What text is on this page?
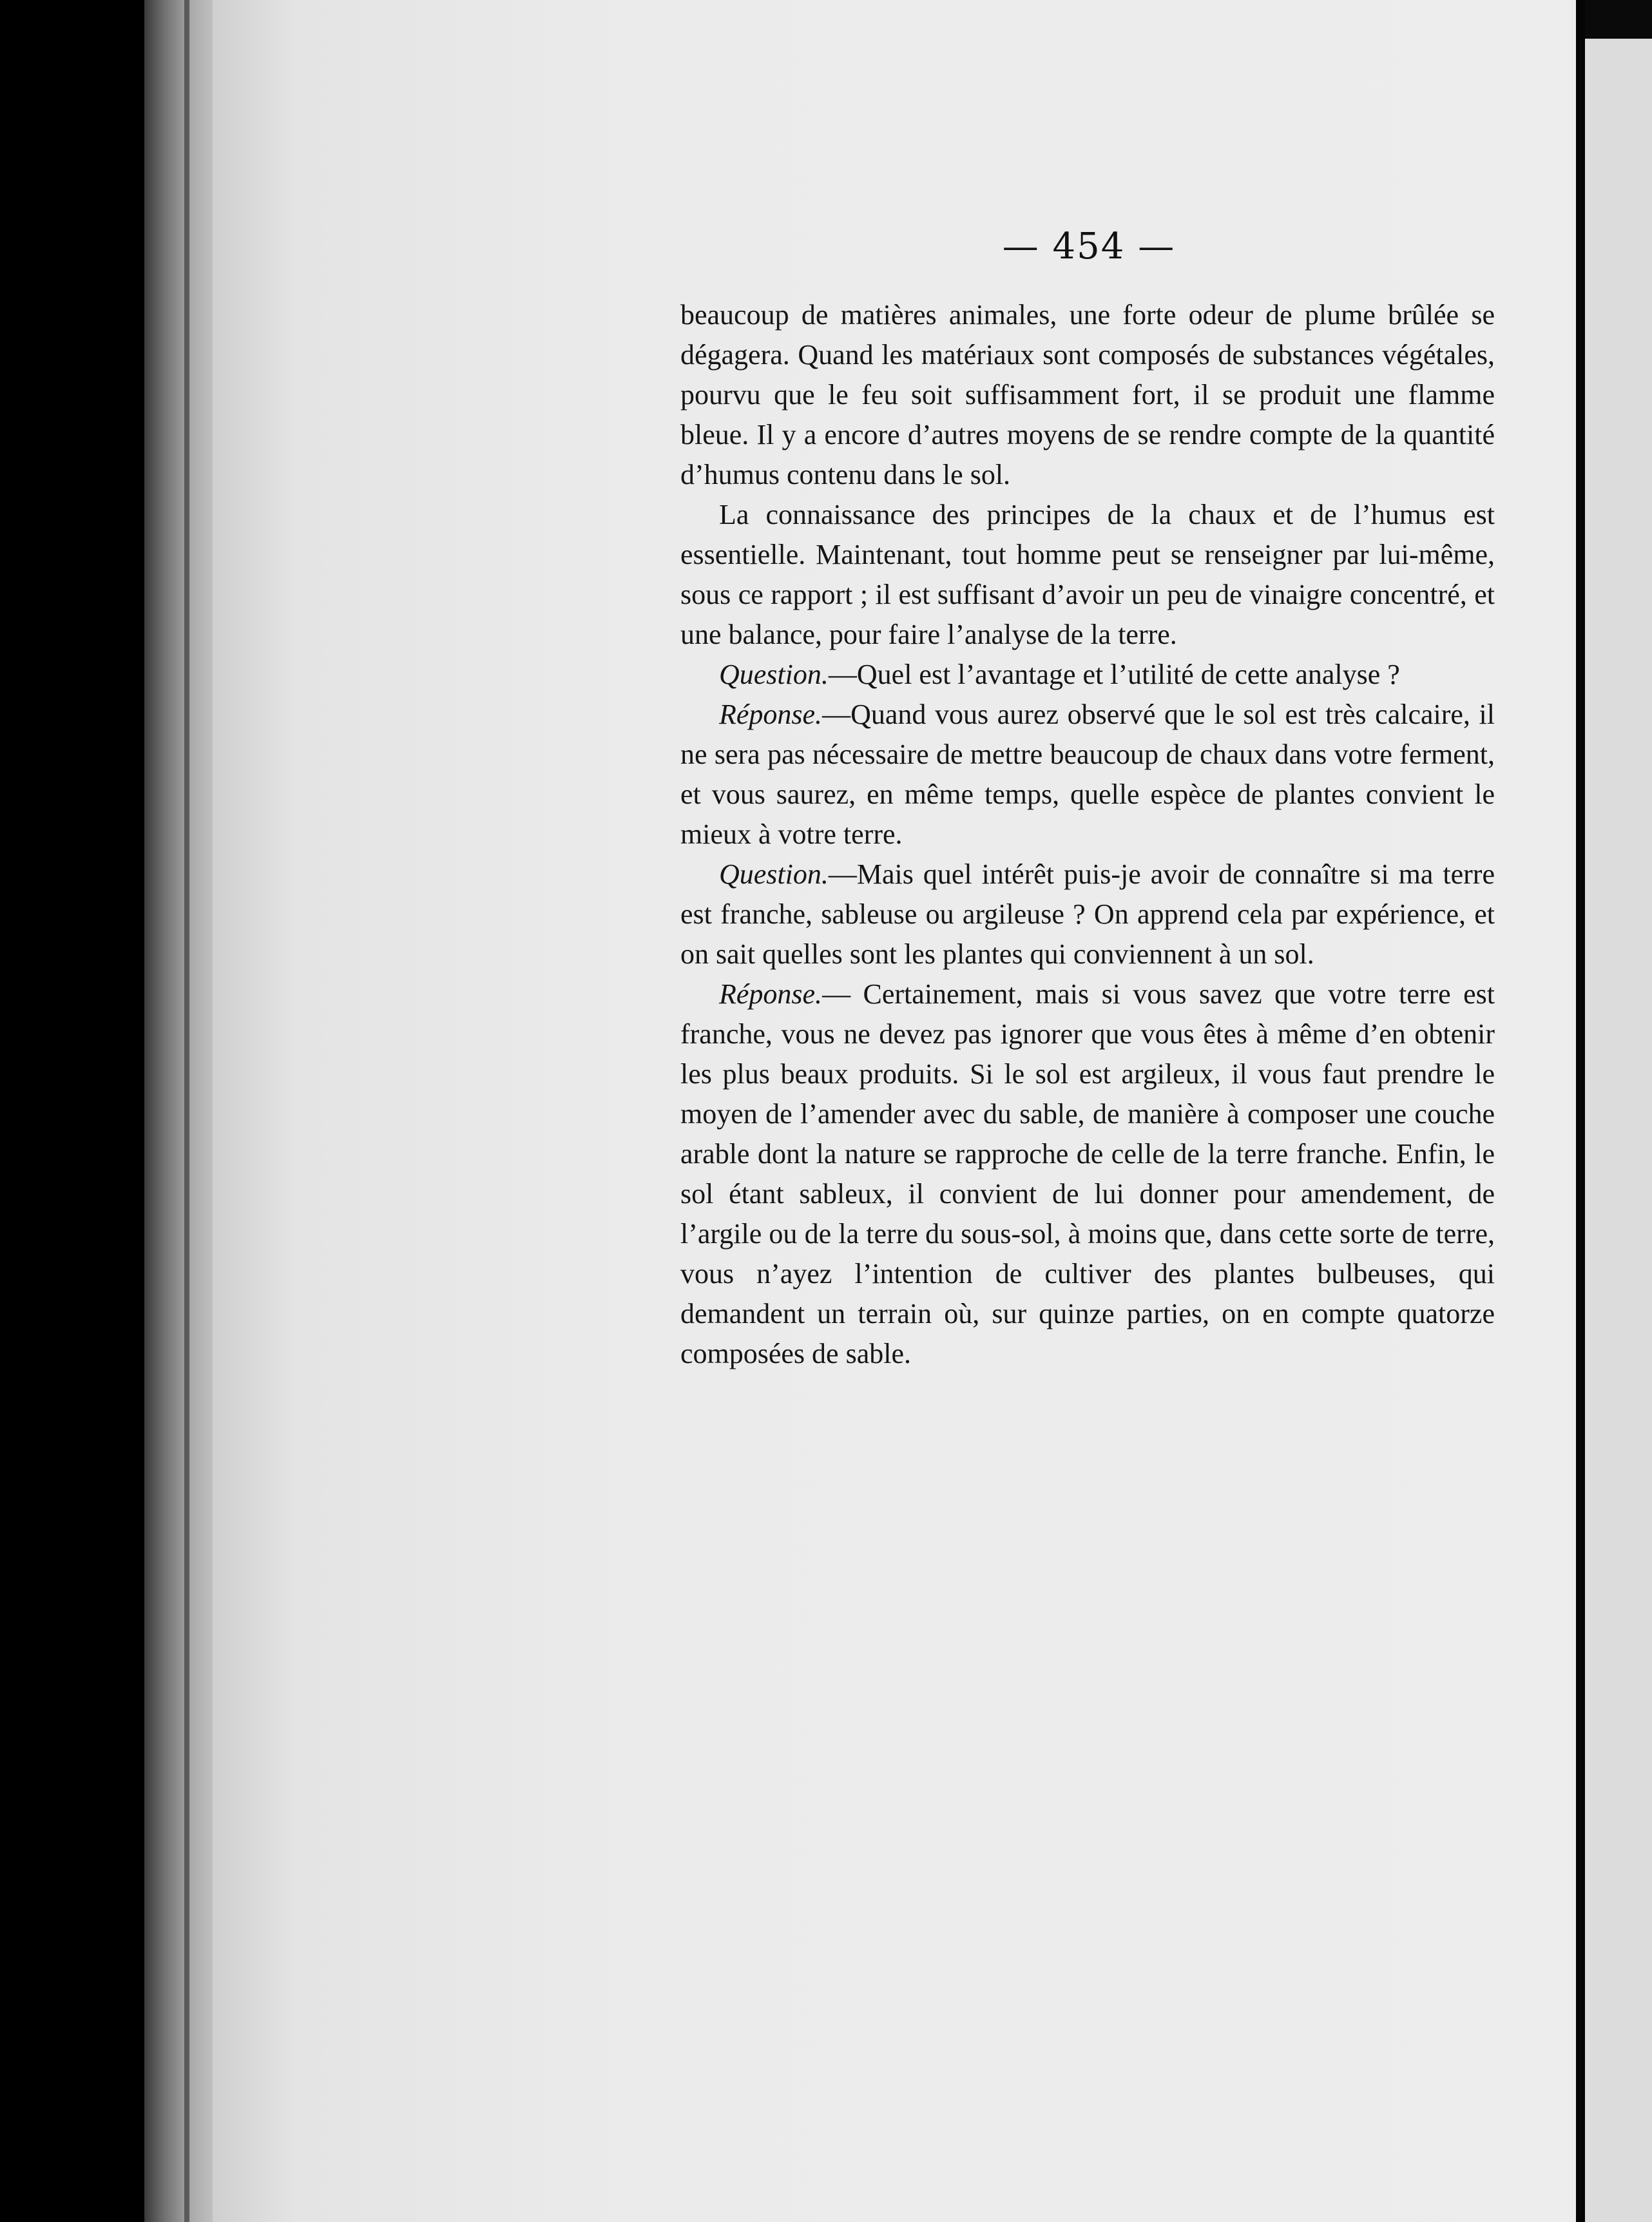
— 454 —

beaucoup de matières animales, une forte odeur de plume brûlée se dégagera. Quand les matériaux sont composés de substances végétales, pourvu que le feu soit suffisamment fort, il se produit une flamme bleue. Il y a encore d’autres moyens de se rendre compte de la quantité d’humus contenu dans le sol.

La connaissance des principes de la chaux et de l’humus est essentielle. Maintenant, tout homme peut se renseigner par lui-même, sous ce rapport ; il est suffisant d’avoir un peu de vinaigre concentré, et une balance, pour faire l’analyse de la terre.

Question.—Quel est l’avantage et l’utilité de cette analyse ?

Réponse.—Quand vous aurez observé que le sol est très calcaire, il ne sera pas nécessaire de mettre beaucoup de chaux dans votre ferment, et vous saurez, en même temps, quelle espèce de plantes convient le mieux à votre terre.

Question.—Mais quel intérêt puis-je avoir de connaître si ma terre est franche, sableuse ou argileuse ? On apprend cela par expérience, et on sait quelles sont les plantes qui conviennent à un sol.

Réponse.— Certainement, mais si vous savez que votre terre est franche, vous ne devez pas ignorer que vous êtes à même d’en obtenir les plus beaux produits. Si le sol est argileux, il vous faut prendre le moyen de l’amender avec du sable, de manière à composer une couche arable dont la nature se rapproche de celle de la terre franche. Enfin, le sol étant sableux, il convient de lui donner pour amendement, de l’argile ou de la terre du sous-sol, à moins que, dans cette sorte de terre, vous n’ayez l’intention de cultiver des plantes bulbeuses, qui demandent un terrain où, sur quinze parties, on en compte quatorze composées de sable.
